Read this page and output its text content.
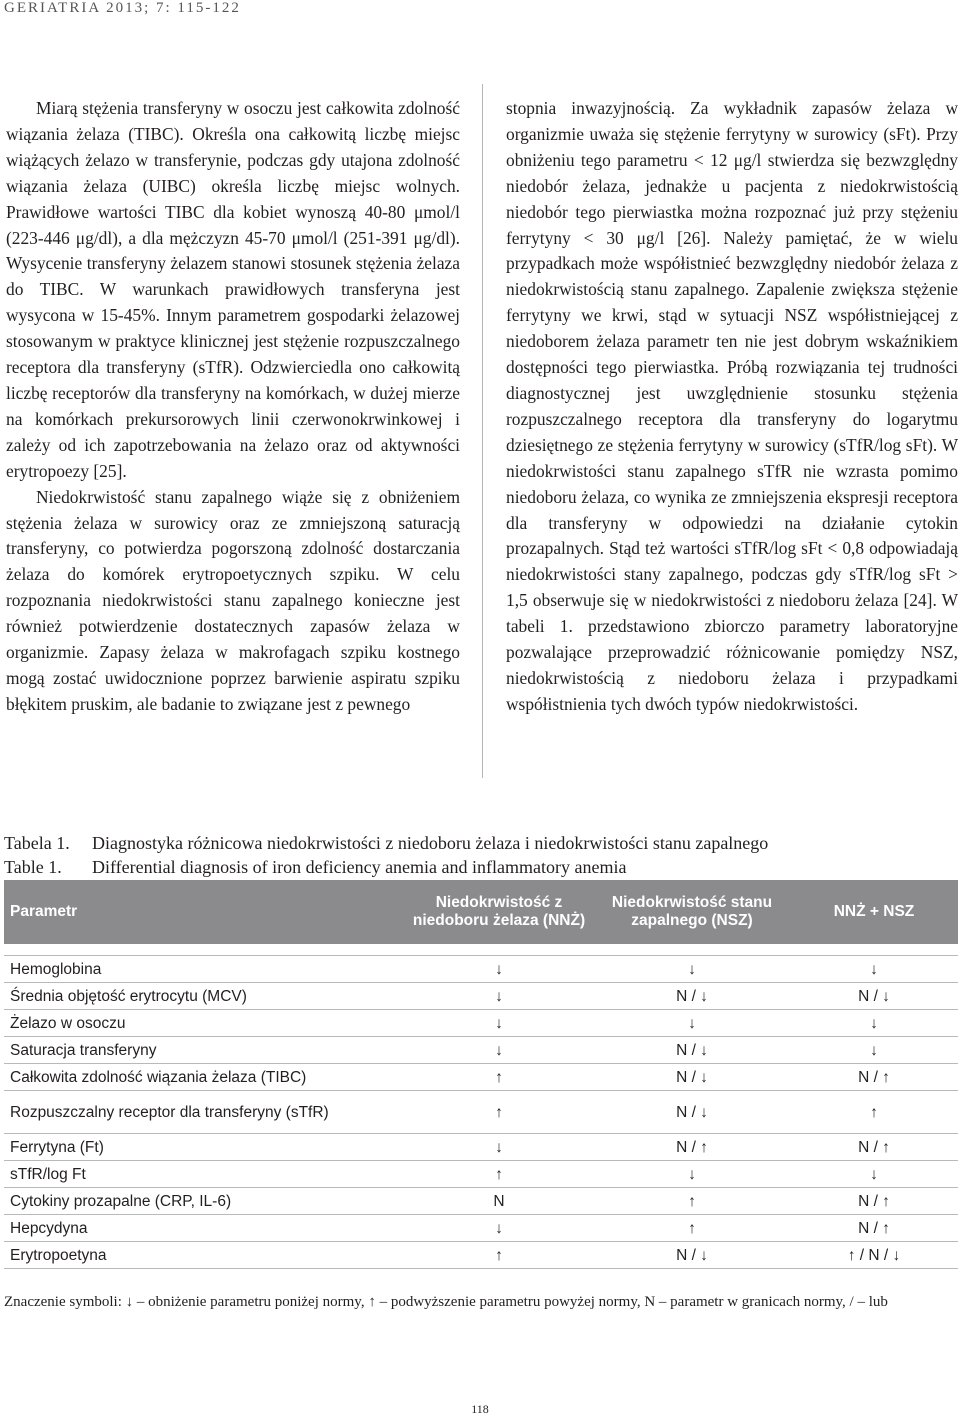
GERIATRIA 2013; 7: 115-122

Miarą stężenia transferyny w osoczu jest całkowita zdolność wiązania żelaza (TIBC). Określa ona całkowitą liczbę miejsc wiążących żelazo w transferynie, podczas gdy utajona zdolność wiązania żelaza (UIBC) określa liczbę miejsc wolnych. Prawidłowe wartości TIBC dla kobiet wynoszą 40-80 μmol/l (223-446 μg/dl), a dla mężczyzn 45-70 μmol/l (251-391 μg/dl). Wysycenie transferyny żelazem stanowi stosunek stężenia żelaza do TIBC. W warunkach prawidłowych transferyna jest wysycona w 15-45%. Innym parametrem gospodarki żelazowej stosowanym w praktyce klinicznej jest stężenie rozpuszczalnego receptora dla transferyny (sTfR). Odzwierciedla ono całkowitą liczbę receptorów dla transferyny na komórkach, w dużej mierze na komórkach prekursorowych linii czerwonokrwinkowej i zależy od ich zapotrzebowania na żelazo oraz od aktywności erytropoezy [25].

Niedokrwistość stanu zapalnego wiąże się z obniżeniem stężenia żelaza w surowicy oraz ze zmniejszoną saturacją transferyny, co potwierdza pogorszoną zdolność dostarczania żelaza do komórek erytropoetycznych szpiku. W celu rozpoznania niedokrwistości stanu zapalnego konieczne jest również potwierdzenie dostatecznych zapasów żelaza w organizmie. Zapasy żelaza w makrofagach szpiku kostnego mogą zostać uwidocznione poprzez barwienie aspiratu szpiku błękitem pruskim, ale badanie to związane jest z pewnego

stopnia inwazyjnością. Za wykładnik zapasów żelaza w organizmie uważa się stężenie ferrytyny w surowicy (sFt). Przy obniżeniu tego parametru < 12 μg/l stwierdza się bezwzględny niedobór żelaza, jednakże u pacjenta z niedokrwistością niedobór tego pierwiastka można rozpoznać już przy stężeniu ferrytyny < 30 μg/l [26]. Należy pamiętać, że w wielu przypadkach może współistnieć bezwzględny niedobór żelaza z niedokrwistością stanu zapalnego. Zapalenie zwiększa stężenie ferrytyny we krwi, stąd w sytuacji NSZ współistniejącej z niedoborem żelaza parametr ten nie jest dobrym wskaźnikiem dostępności tego pierwiastka. Próbą rozwiązania tej trudności diagnostycznej jest uwzględnienie stosunku stężenia rozpuszczalnego receptora dla transferyny do logarytmu dziesiętnego ze stężenia ferrytyny w surowicy (sTfR/log sFt). W niedokrwistości stanu zapalnego sTfR nie wzrasta pomimo niedoboru żelaza, co wynika ze zmniejszenia ekspresji receptora dla transferyny w odpowiedzi na działanie cytokin prozapalnych. Stąd też wartości sTfR/log sFt < 0,8 odpowiadają niedokrwistości stany zapalnego, podczas gdy sTfR/log sFt > 1,5 obserwuje się w niedokrwistości z niedoboru żelaza [24]. W tabeli 1. przedstawiono zbiorczo parametry laboratoryjne pozwalające przeprowadzić różnicowanie pomiędzy NSZ, niedokrwistością z niedoboru żelaza i przypadkami współistnienia tych dwóch typów niedokrwistości.

Tabela 1. Diagnostyka różnicowa niedokrwistości z niedoboru żelaza i niedokrwistości stanu zapalnego
Table 1. Differential diagnosis of iron deficiency anemia and inflammatory anemia
Parametr	Niedokrwistość z niedoboru żelaza (NNŻ)	Niedokrwistość stanu zapalnego (NSZ)	NNŻ + NSZ

Hemoglobina	↓	↓	↓
Średnia objętość erytrocytu (MCV)	↓	N / ↓	N / ↓
Żelazo w osoczu	↓	↓	↓
Saturacja transferyny	↓	N / ↓	↓
Całkowita zdolność wiązania żelaza (TIBC)	↑	N / ↓	N / ↑
Rozpuszczalny receptor dla transferyny (sTfR)	↑	N / ↓	↑
Ferrytyna (Ft)	↓	N / ↑	N / ↑
sTfR/log Ft	↑	↓	↓
Cytokiny prozapalne (CRP, IL-6)	N	↑	N / ↑
Hepcydyna	↓	↑	N / ↑
Erytropoetyna	↑	N / ↓	↑ / N / ↓
Znaczenie symboli: ↓ – obniżenie parametru poniżej normy, ↑ – podwyższenie parametru powyżej normy, N – parametr w granicach normy, / – lub
118
